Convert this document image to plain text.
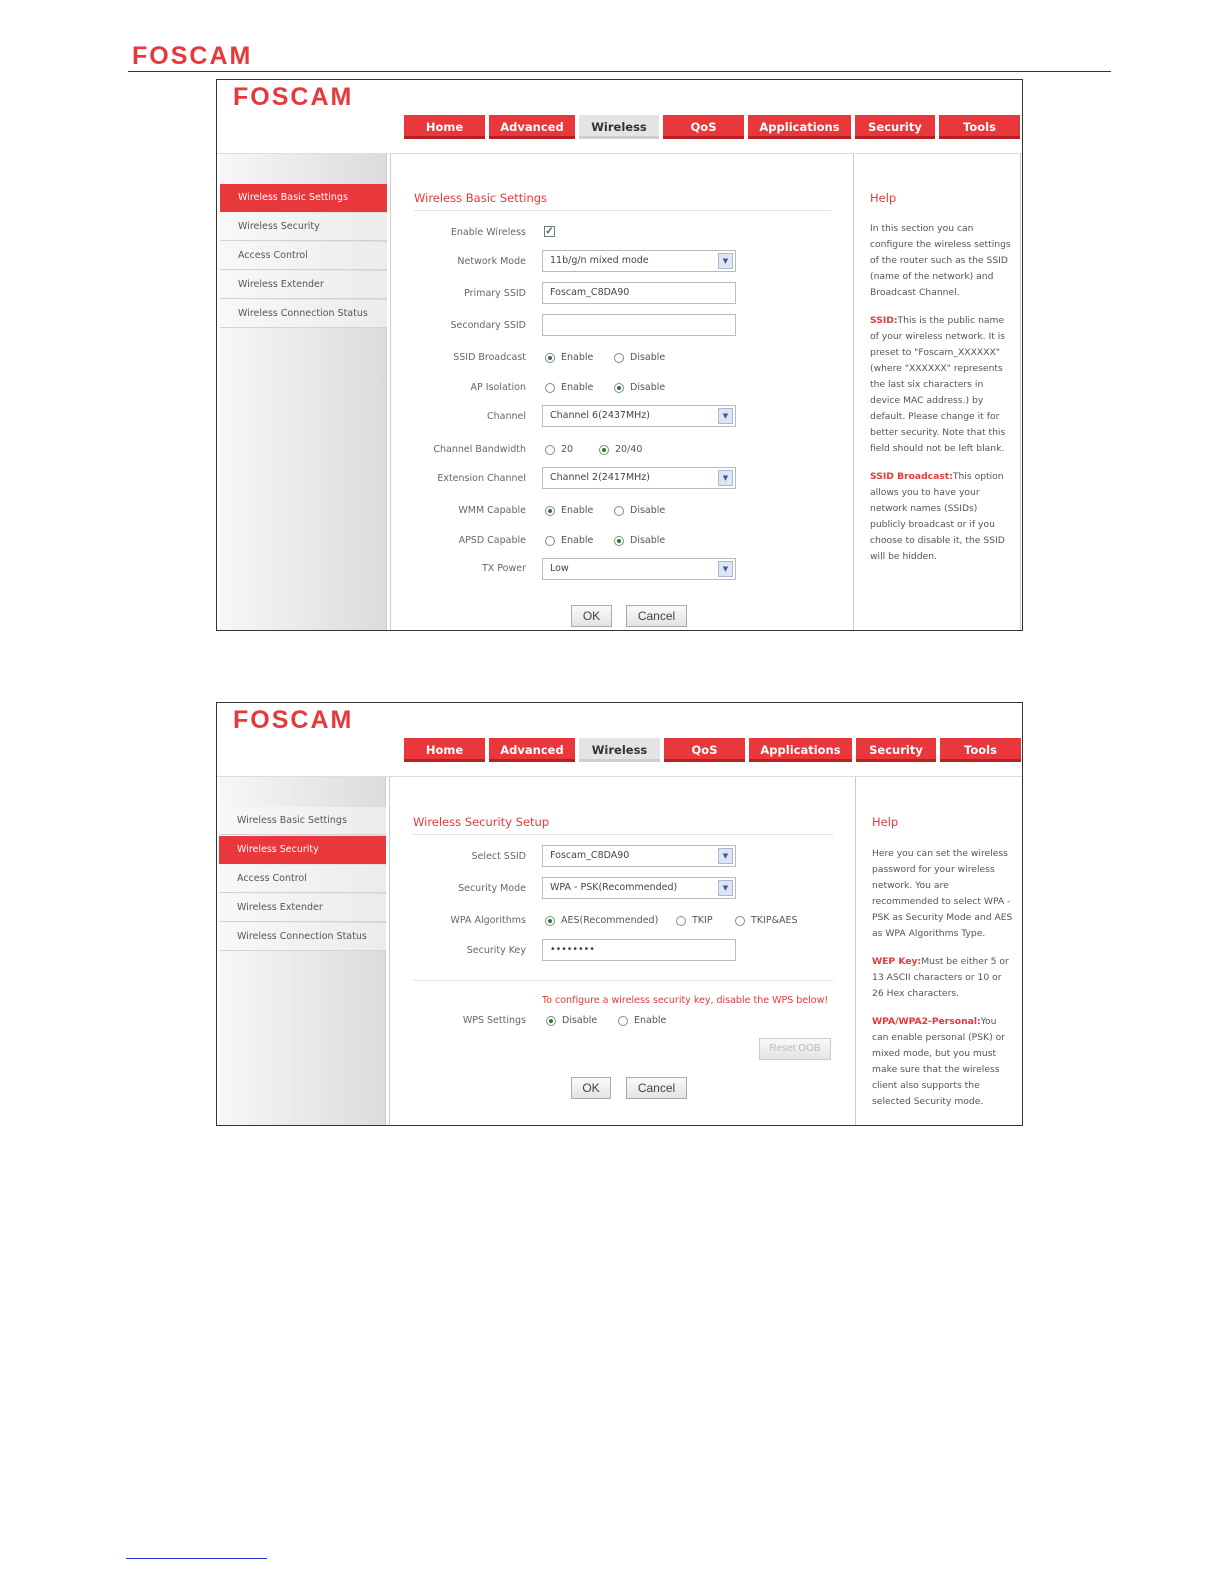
FOSCAM
FOSCAM
Home	Advanced	Wireless	QoS	Applications	Security	Tools
Wireless Basic Settings
Wireless Security
Access Control
Wireless Extender
Wireless Connection Status
Wireless Basic Settings
Enable Wireless ✓
Network Mode	11b/g/n mixed mode	▼
Primary SSID	Foscam_C8DA90
Secondary SSID
SSID Broadcast	Enable	Disable
AP Isolation	Enable	Disable
Channel	Channel 6(2437MHz)	▼
Channel Bandwidth	20	20/40
Extension Channel	Channel 2(2417MHz)	▼
WMM Capable	Enable	Disable
APSD Capable	Enable	Disable
TX Power	Low	▼
OK	Cancel
Help

In this section you can configure the wireless settings of the router such as the SSID (name of the network) and Broadcast Channel.

SSID:This is the public name of your wireless network. It is preset to "Foscam_XXXXXX" (where "XXXXXX" represents the last six characters in device MAC address.) by default. Please change it for better security. Note that this field should not be left blank.

SSID Broadcast:This option allows you to have your network names (SSIDs) publicly broadcast or if you choose to disable it, the SSID will be hidden.

FOSCAM
Home	Advanced	Wireless	QoS	Applications	Security	Tools
Wireless Basic Settings
Wireless Security
Access Control
Wireless Extender
Wireless Connection Status
Wireless Security Setup
Select SSID	Foscam_C8DA90	▼
Security Mode	WPA - PSK(Recommended)	▼
WPA Algorithms	AES(Recommended)	TKIP	TKIP&AES
Security Key	••••••••
To configure a wireless security key, disable the WPS below!
WPS Settings	Disable	Enable
Reset OOB
OK	Cancel
Help

Here you can set the wireless password for your wireless network. You are recommended to select WPA -PSK as Security Mode and AES as WPA Algorithms Type.

WEP Key:Must be either 5 or 13 ASCII characters or 10 or 26 Hex characters.

WPA/WPA2-Personal:You can enable personal (PSK) or mixed mode, but you must make sure that the wireless client also supports the selected Security mode.
